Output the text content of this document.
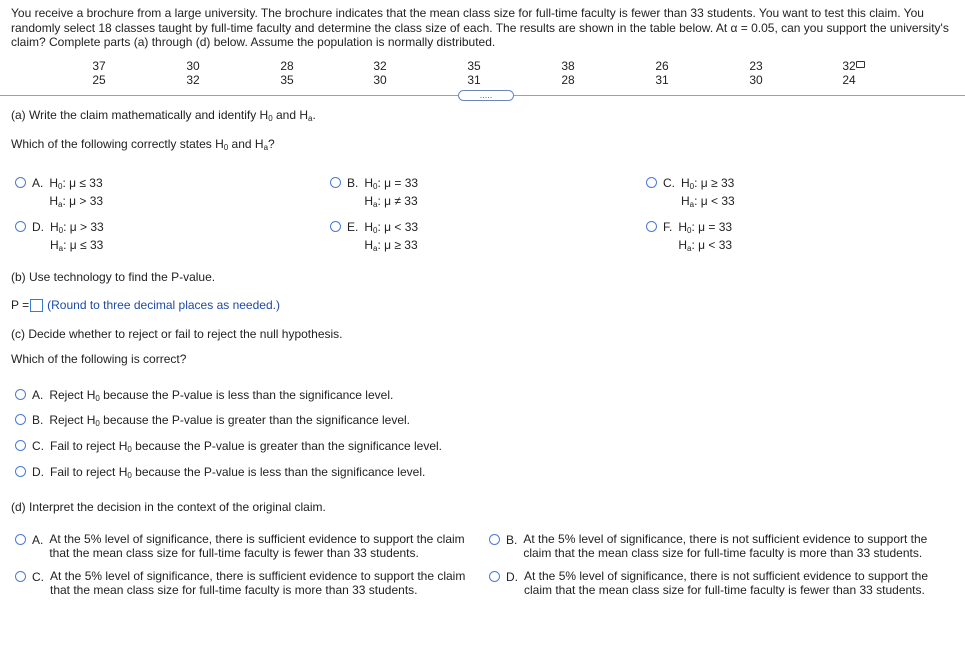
You receive a brochure from a large university. The brochure indicates that the mean class size for full-time faculty is fewer than 33 students. You want to test this claim. You randomly select 18 classes taught by full-time faculty and determine the class size of each. The results are shown in the table below. At α = 0.05, can you support the university's claim? Complete parts (a) through (d) below. Assume the population is normally distributed.
37	30	28	32	35	38	26	23	32
25	32	35	30	31	28	31	30	24
.....
(a) Write the claim mathematically and identify $H_0$ and $H_a$.
Which of the following correctly states $H_0$ and $H_a$?
A. $H_0$: μ ≤ 33
$H_a$: μ > 33
B. $H_0$: μ = 33
$H_a$: μ ≠ 33
C. $H_0$: μ ≥ 33
$H_a$: μ < 33
D. $H_0$: μ > 33
$H_a$: μ ≤ 33
E. $H_0$: μ < 33
$H_a$: μ ≥ 33
F. $H_0$: μ = 33
$H_a$: μ < 33
(b) Use technology to find the P-value.
P = (Round to three decimal places as needed.)
(c) Decide whether to reject or fail to reject the null hypothesis.
Which of the following is correct?
A. Reject $H_0$ because the P-value is less than the significance level.
B. Reject $H_0$ because the P-value is greater than the significance level.
C. Fail to reject $H_0$ because the P-value is greater than the significance level.
D. Fail to reject $H_0$ because the P-value is less than the significance level.
(d) Interpret the decision in the context of the original claim.
A. At the 5% level of significance, there is sufficient evidence to support the claim that the mean class size for full-time faculty is fewer than 33 students.
B. At the 5% level of significance, there is not sufficient evidence to support the claim that the mean class size for full-time faculty is more than 33 students.
C. At the 5% level of significance, there is sufficient evidence to support the claim that the mean class size for full-time faculty is more than 33 students.
D. At the 5% level of significance, there is not sufficient evidence to support the claim that the mean class size for full-time faculty is fewer than 33 students.
